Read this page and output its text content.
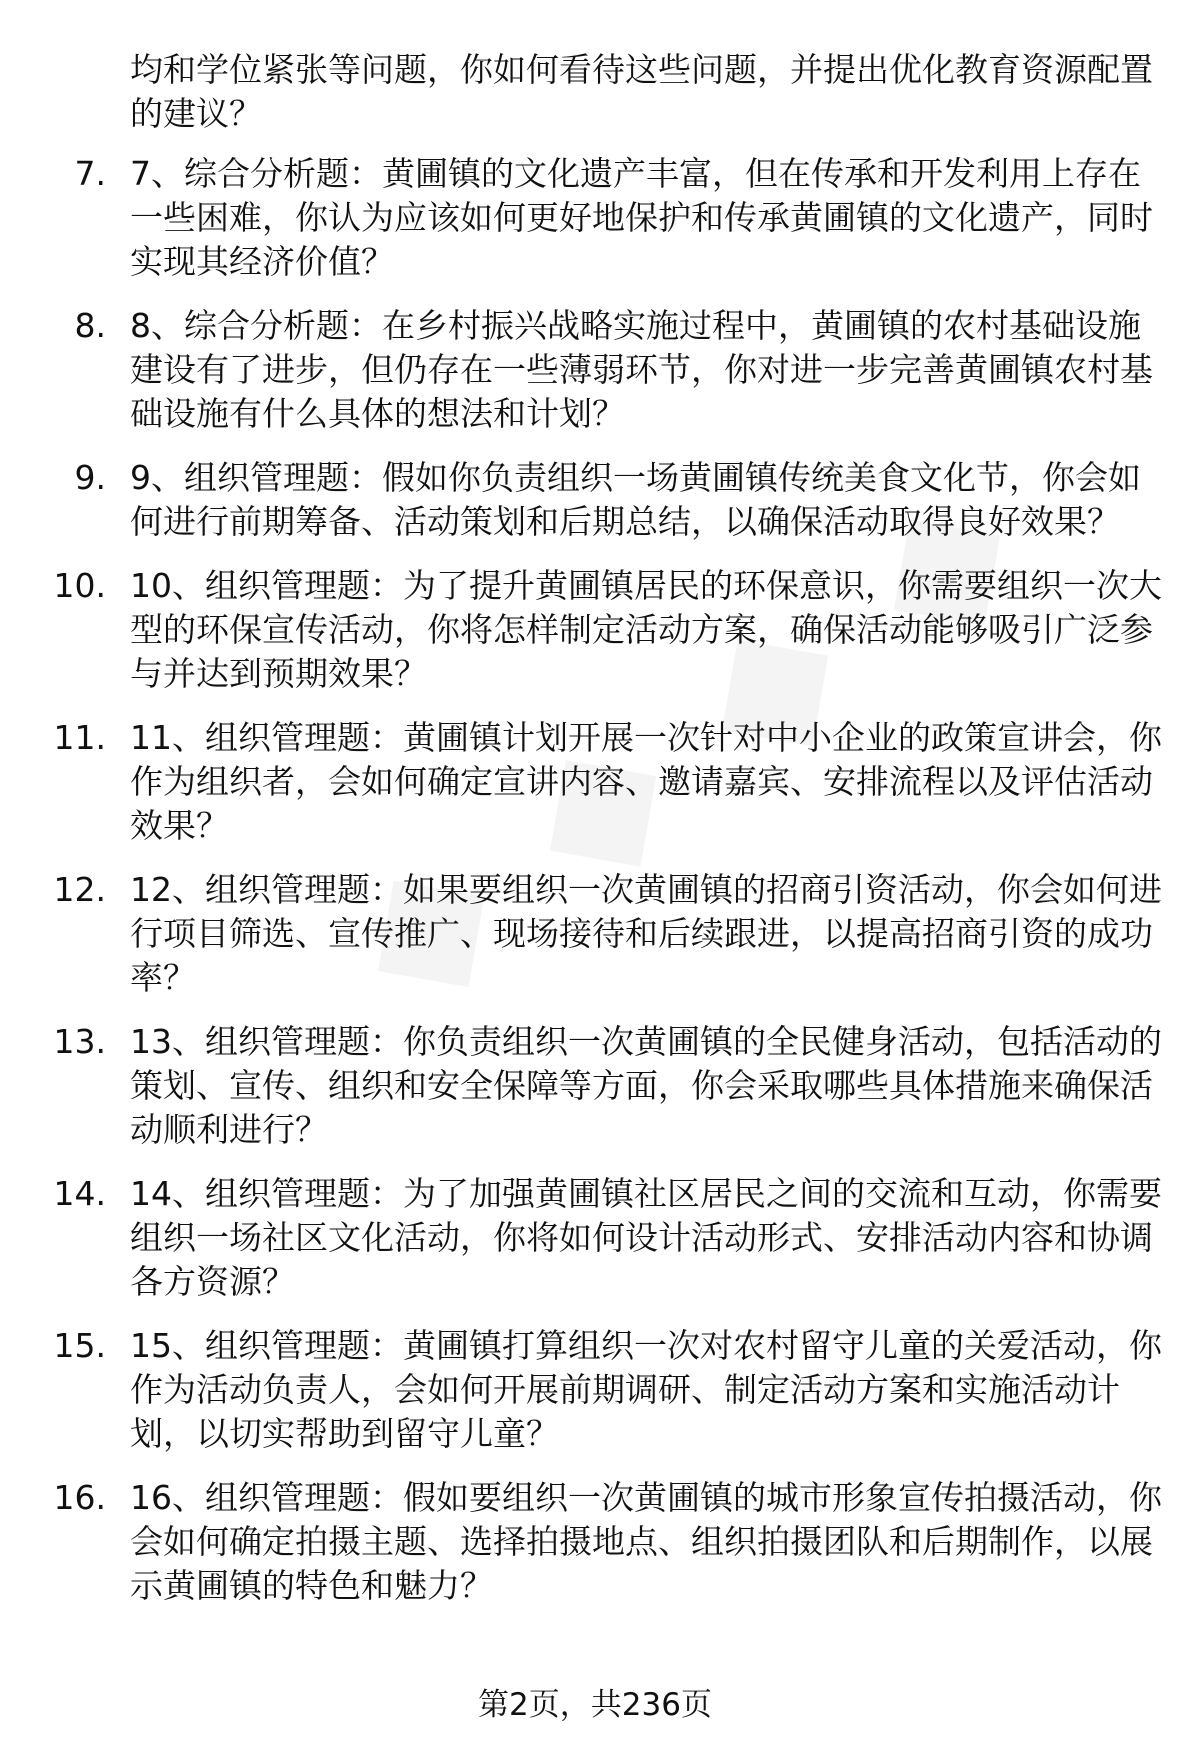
均和学位紧张等问题，你如何看待这些问题，并提出优化教育资源配置的建议？
7. 7、综合分析题：黄圃镇的文化遗产丰富，但在传承和开发利用上存在一些困难，你认为应该如何更好地保护和传承黄圃镇的文化遗产，同时实现其经济价值？
8. 8、综合分析题：在乡村振兴战略实施过程中，黄圃镇的农村基础设施建设有了进步，但仍存在一些薄弱环节，你对进一步完善黄圃镇农村基础设施有什么具体的想法和计划？
9. 9、组织管理题：假如你负责组织一场黄圃镇传统美食文化节，你会如何进行前期筹备、活动策划和后期总结，以确保活动取得良好效果？
10. 10、组织管理题：为了提升黄圃镇居民的环保意识，你需要组织一次大型的环保宣传活动，你将怎样制定活动方案，确保活动能够吸引广泛参与并达到预期效果？
11. 11、组织管理题：黄圃镇计划开展一次针对中小企业的政策宣讲会，你作为组织者，会如何确定宣讲内容、邀请嘉宾、安排流程以及评估活动效果？
12. 12、组织管理题：如果要组织一次黄圃镇的招商引资活动，你会如何进行项目筛选、宣传推广、现场接待和后续跟进，以提高招商引资的成功率？
13. 13、组织管理题：你负责组织一次黄圃镇的全民健身活动，包括活动的策划、宣传、组织和安全保障等方面，你会采取哪些具体措施来确保活动顺利进行？
14. 14、组织管理题：为了加强黄圃镇社区居民之间的交流和互动，你需要组织一场社区文化活动，你将如何设计活动形式、安排活动内容和协调各方资源？
15. 15、组织管理题：黄圃镇打算组织一次对农村留守儿童的关爱活动，你作为活动负责人，会如何开展前期调研、制定活动方案和实施活动计划，以切实帮助到留守儿童？
16. 16、组织管理题：假如要组织一次黄圃镇的城市形象宣传拍摄活动，你会如何确定拍摄主题、选择拍摄地点、组织拍摄团队和后期制作，以展示黄圃镇的特色和魅力？
第2页，共236页
